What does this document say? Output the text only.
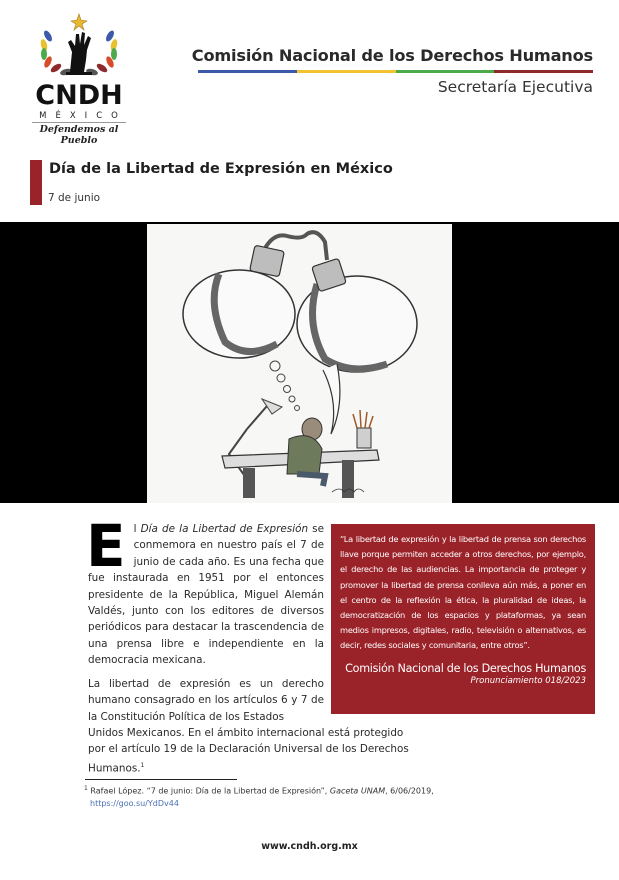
CNDH
MÉXICO
Defendemos al Pueblo
Comisión Nacional de los Derechos Humanos
Secretaría Ejecutiva
Día de la Libertad de Expresión en México
7 de junio
El Día de la Libertad de Expresión se conmemora en nuestro país el 7 de junio de cada año. Es una fecha que fue instaurada en 1951 por el entonces presidente de la República, Miguel Alemán Valdés, junto con los editores de diversos periódicos para destacar la trascendencia de una prensa libre e independiente en la democracia mexicana.
La libertad de expresión es un derecho humano consagrado en los artículos 6 y 7 de la Constitución Política de los Estados
Unidos Mexicanos. En el ámbito internacional está protegido por el artículo 19 de la Declaración Universal de los Derechos Humanos.$^1$
“La libertad de expresión y la libertad de prensa son derechos llave porque permiten acceder a otros derechos, por ejemplo, el derecho de las audiencias. La importancia de proteger y promover la libertad de prensa conlleva aún más, a poner en el centro de la reflexión la ética, la pluralidad de ideas, la democratización de los espacios y plataformas, ya sean medios impresos, digitales, radio, televisión o alternativos, es decir, redes sociales y comunitaria, entre otros”.
Comisión Nacional de los Derechos Humanos
Pronunciamiento 018/2023
$^1$ Rafael López. “7 de junio: Día de la Libertad de Expresión”, Gaceta UNAM, 6/06/2019,
https://goo.su/YdDv44
www.cndh.org.mx
